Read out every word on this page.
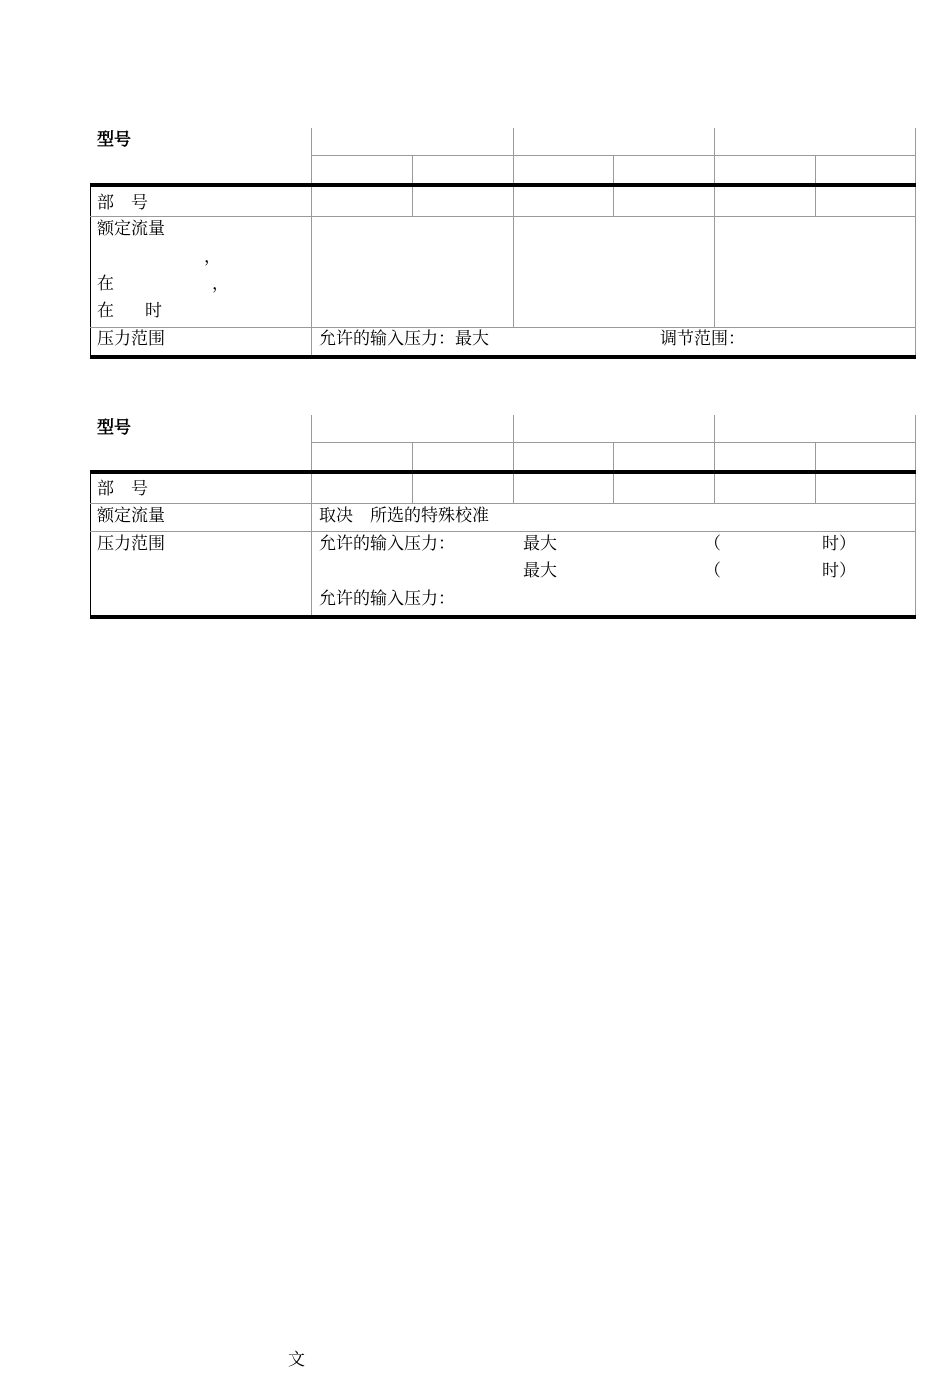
型号
部　号
额定流量
，
在	，
在 时
压力范围	允许的输入压力：最大	调节范围：
型号
部　号
额定流量	取决　所选的特殊校准
压力范围	允许的输入压力：	最大	（	时）
最大	（	时）
允许的输入压力：
文
